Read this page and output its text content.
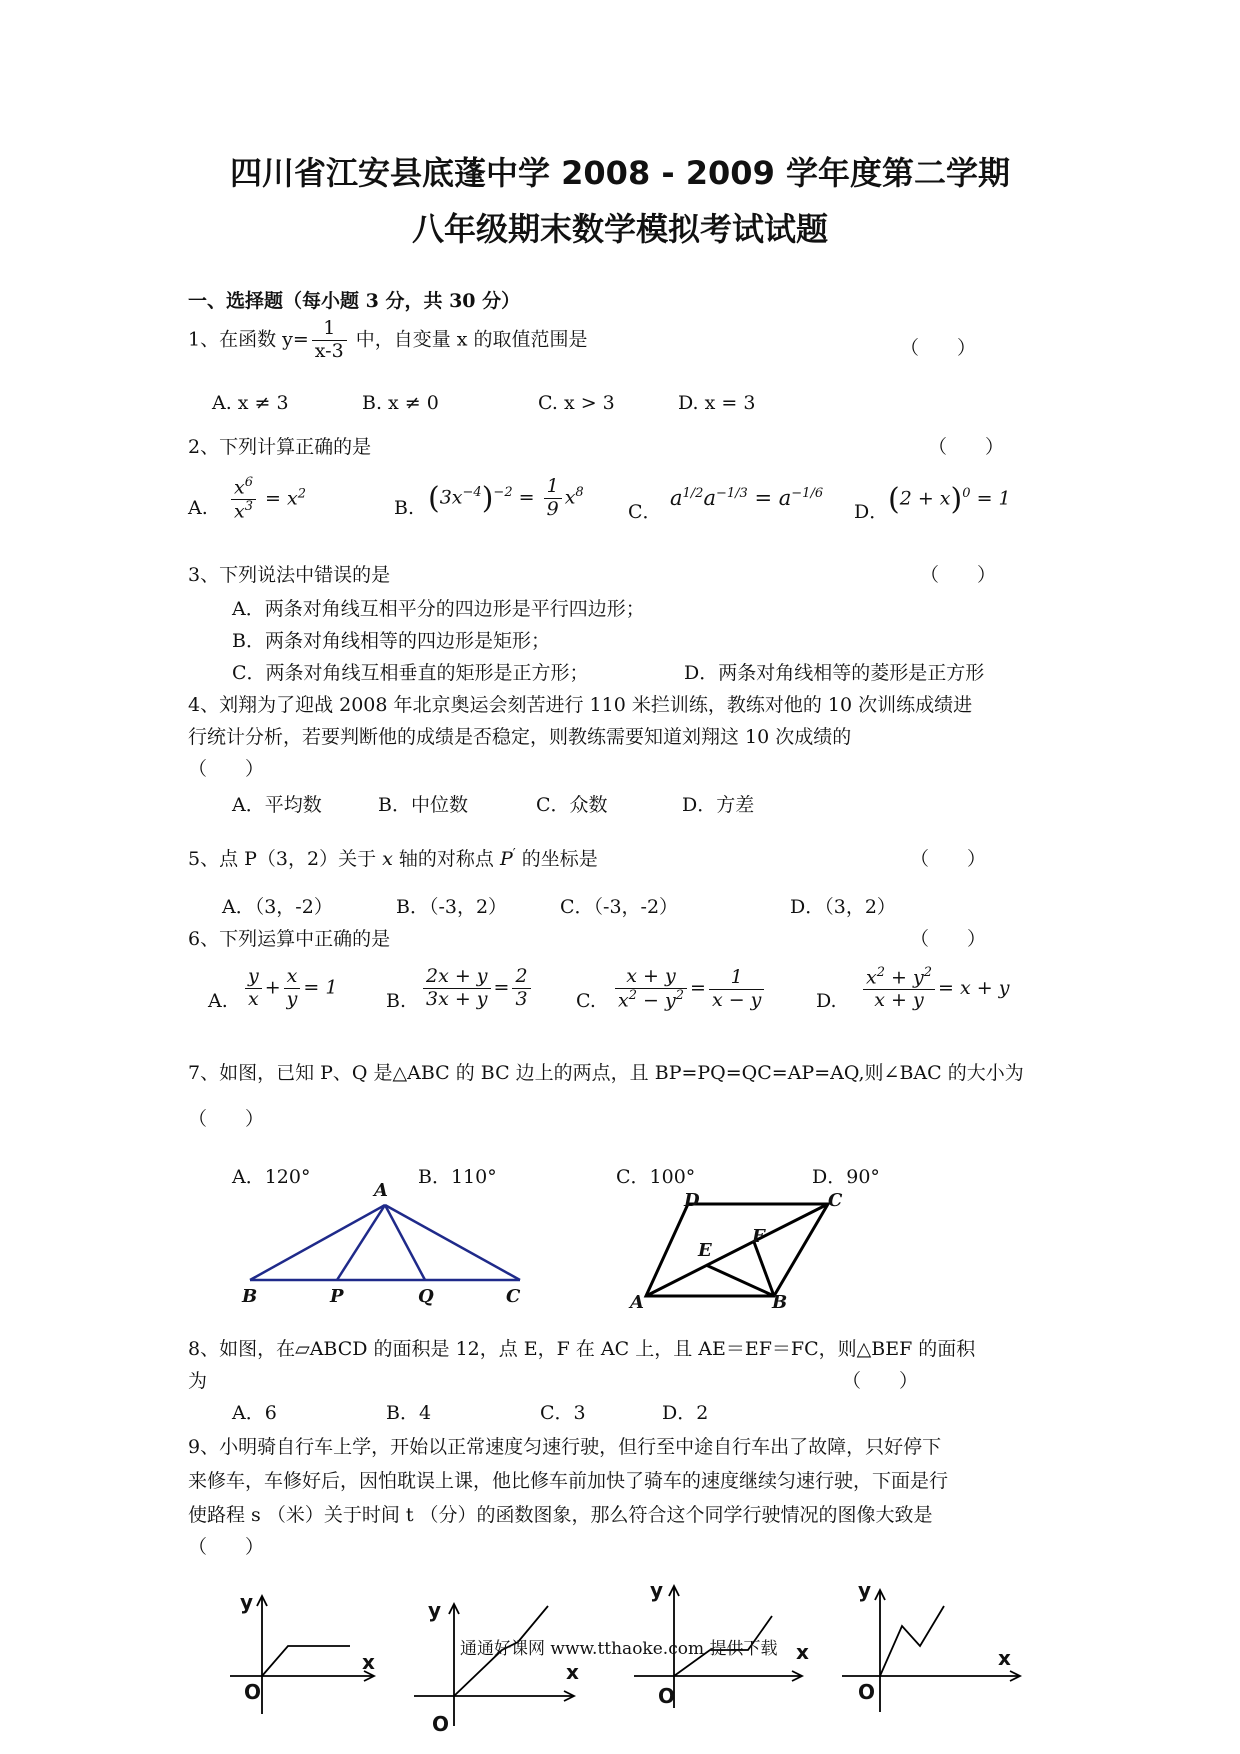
四川省江安县底蓬中学 2008 - 2009 学年度第二学期
八年级期末数学模拟考试试题
一、选择题（每小题 3 分，共 30 分）
1、在函数 $y= \frac{1}{x-3}$ 中，自变量 x 的取值范围是	（　　）
A. x ≠ 3	B. x ≠ 0	C. x > 3	D. x = 3
2、下列计算正确的是	（　　）
A. $\frac{x^6}{x^3} = x^2$
B. $(3x^{-4})^{-2} = \frac{1}{9} x^8$
C．
$a^{1/2}a^{-1/3} = a^{-1/6}$
D． $(2 + x)^0 = 1$
3、下列说法中错误的是	（　　）
A．两条对角线互相平分的四边形是平行四边形；
B．两条对角线相等的四边形是矩形；
C．两条对角线互相垂直的矩形是正方形；	D．两条对角线相等的菱形是正方形
4、刘翔为了迎战 2008 年北京奥运会刻苦进行 110 米拦训练，教练对他的 10 次训练成绩进
行统计分析，若要判断他的成绩是否稳定，则教练需要知道刘翔这 10 次成绩的
（　　）
A．平均数	B．中位数	C．众数	D．方差
5、点 P（3，2）关于 x 轴的对称点 P′ 的坐标是	（　　）
A．（3，-2）	B．（-3，2）	C．（-3，-2）	D．（3，2）
6、下列运算中正确的是	（　　）
A. $\frac{y}{x} + \frac{x}{y} = 1$
B. $\frac{2x + y}{3x + y} = \frac{2}{3} C$. $\frac{x + y}{x^2 - y^2} = \frac{1}{x - y}$	D. $\frac{x^2 + y^2}{x + y} = x + y$
7、如图，已知 P、Q 是△ABC 的 BC 边上的两点，且 BP=PQ=QC=AP=AQ,则∠BAC 的大小为
（　　）
A．120°	B．110°	C．100°	D．90°
A
B	P	Q	C
D	C
E
F
A	B
8、如图，在▱ABCD 的面积是 12，点 E，F 在 AC 上，且 AE＝EF＝FC，则△BEF 的面积
为	（　　）
A．6	B．4	C．3	D．2
9、小明骑自行车上学，开始以正常速度匀速行驶，但行至中途自行车出了故障，只好停下
来修车，车修好后，因怕耽误上课，他比修车前加快了骑车的速度继续匀速行驶，下面是行
使路程 s （米）关于时间 t （分）的函数图象，那么符合这个同学行驶情况的图像大致是
（　　）
y
x
O
y
x
O
y
x
O
y
x
O
通通好课网 www.tthaoke.com 提供下载
